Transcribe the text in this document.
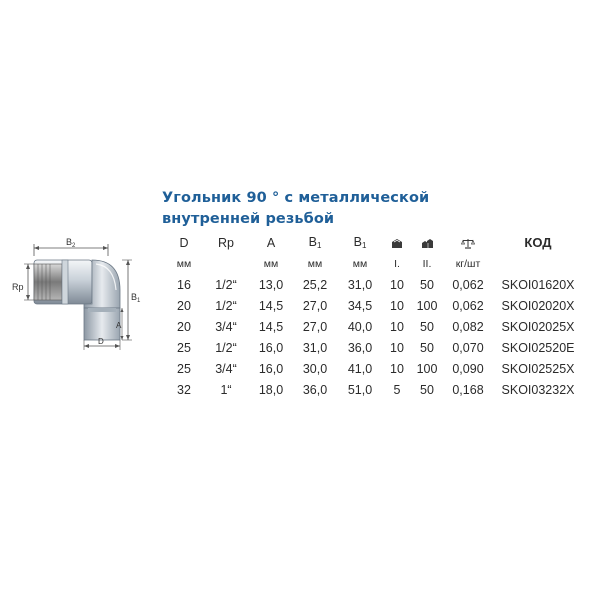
Угольник 90 ° с металлической
внутренней резьбой
$B_2$
Rp
$B_1$
A
D
D	Rp	A	$B_1$	$B_1$				КОД
мм		мм	мм	мм	I.	II.	кг/шт	
16	1/2“	13,0	25,2	31,0	10	50	0,062	SKOI01620X
20	1/2“	14,5	27,0	34,5	10	100	0,062	SKOI02020X
20	3/4“	14,5	27,0	40,0	10	50	0,082	SKOI02025X
25	1/2“	16,0	31,0	36,0	10	50	0,070	SKOI02520E
25	3/4“	16,0	30,0	41,0	10	100	0,090	SKOI02525X
32	1“	18,0	36,0	51,0	5	50	0,168	SKOI03232X
